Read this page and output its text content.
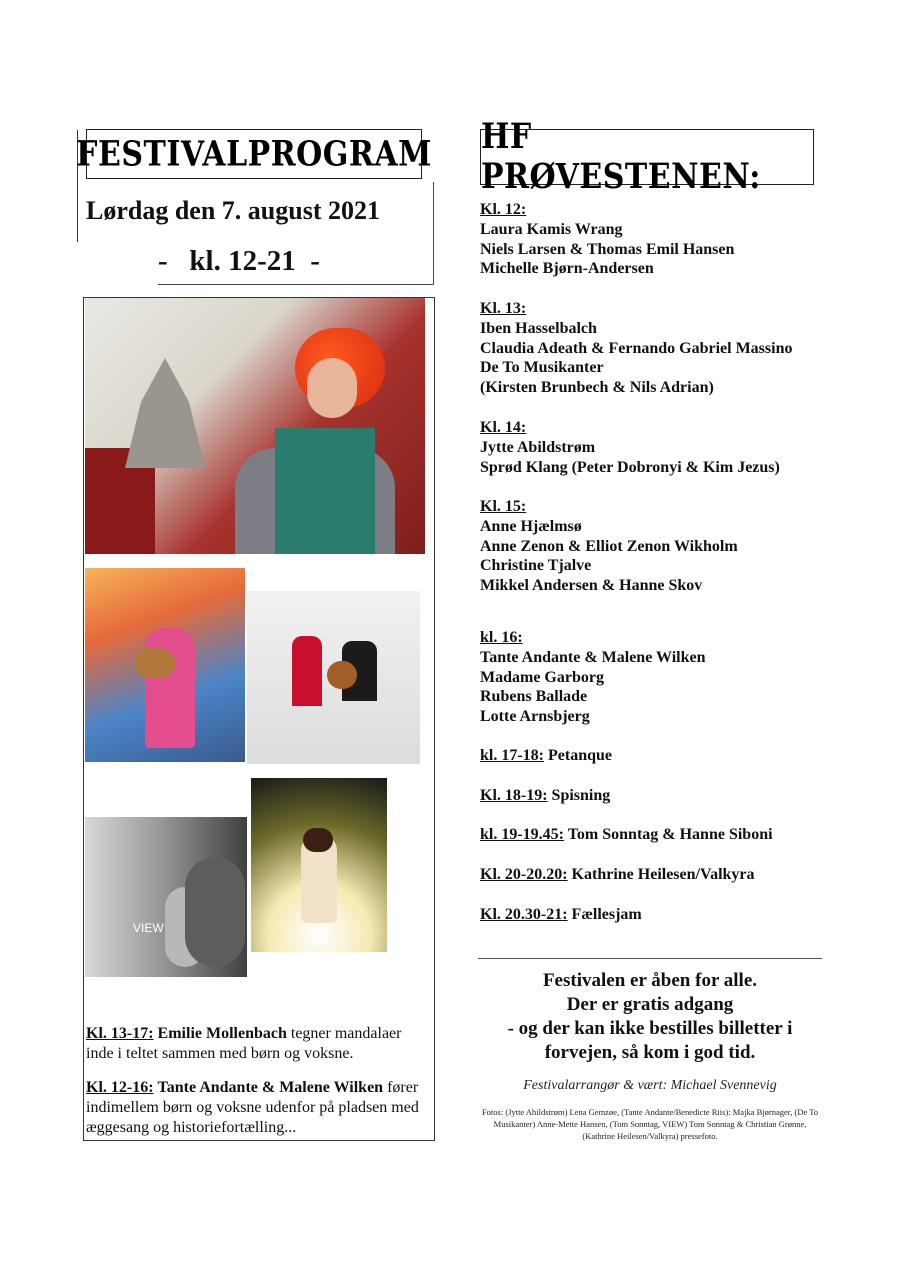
FESTIVALPROGRAM
Lørdag den 7. august 2021
-   kl. 12-21  -
VIEW
Kl. 13-17: Emilie Mollenbach tegner mandalaer inde i teltet sammen med børn og voksne.
Kl. 12-16: Tante Andante & Malene Wilken fører indimellem børn og voksne udenfor på pladsen med æggesang og historiefortælling...
HF PRØVESTENEN:
Kl. 12:
Laura Kamis Wrang
Niels Larsen & Thomas Emil Hansen
Michelle Bjørn-Andersen
Kl. 13:
Iben Hasselbalch
Claudia Adeath & Fernando Gabriel Massino
De To Musikanter
(Kirsten Brunbech & Nils Adrian)
Kl. 14:
Jytte Abildstrøm
Sprød Klang (Peter Dobronyi & Kim Jezus)
Kl. 15:
Anne Hjælmsø
Anne Zenon & Elliot Zenon Wikholm
Christine Tjalve
Mikkel Andersen & Hanne Skov
kl. 16:
Tante Andante & Malene Wilken
Madame Garborg
Rubens Ballade
Lotte Arnsbjerg
kl. 17-18: Petanque
Kl. 18-19: Spisning
kl. 19-19.45: Tom Sonntag & Hanne Siboni
Kl. 20-20.20: Kathrine Heilesen/Valkyra
Kl. 20.30-21: Fællesjam
Festivalen er åben for alle.
Der er gratis adgang
- og der kan ikke bestilles billetter i
forvejen, så kom i god tid.
Festivalarrangør & vært: Michael Svennevig
Fotos: (Jytte Abildstrøm) Lena Gemzøe, (Tante Andante/Benedicte Riis): Majka Bjørnager, (De To Musikanter) Anne-Mette Hansen, (Tom Sonntag, VIEW) Tom Sonntag & Christian Grønne, (Kathrine Heilesen/Valkyra) pressefoto.
